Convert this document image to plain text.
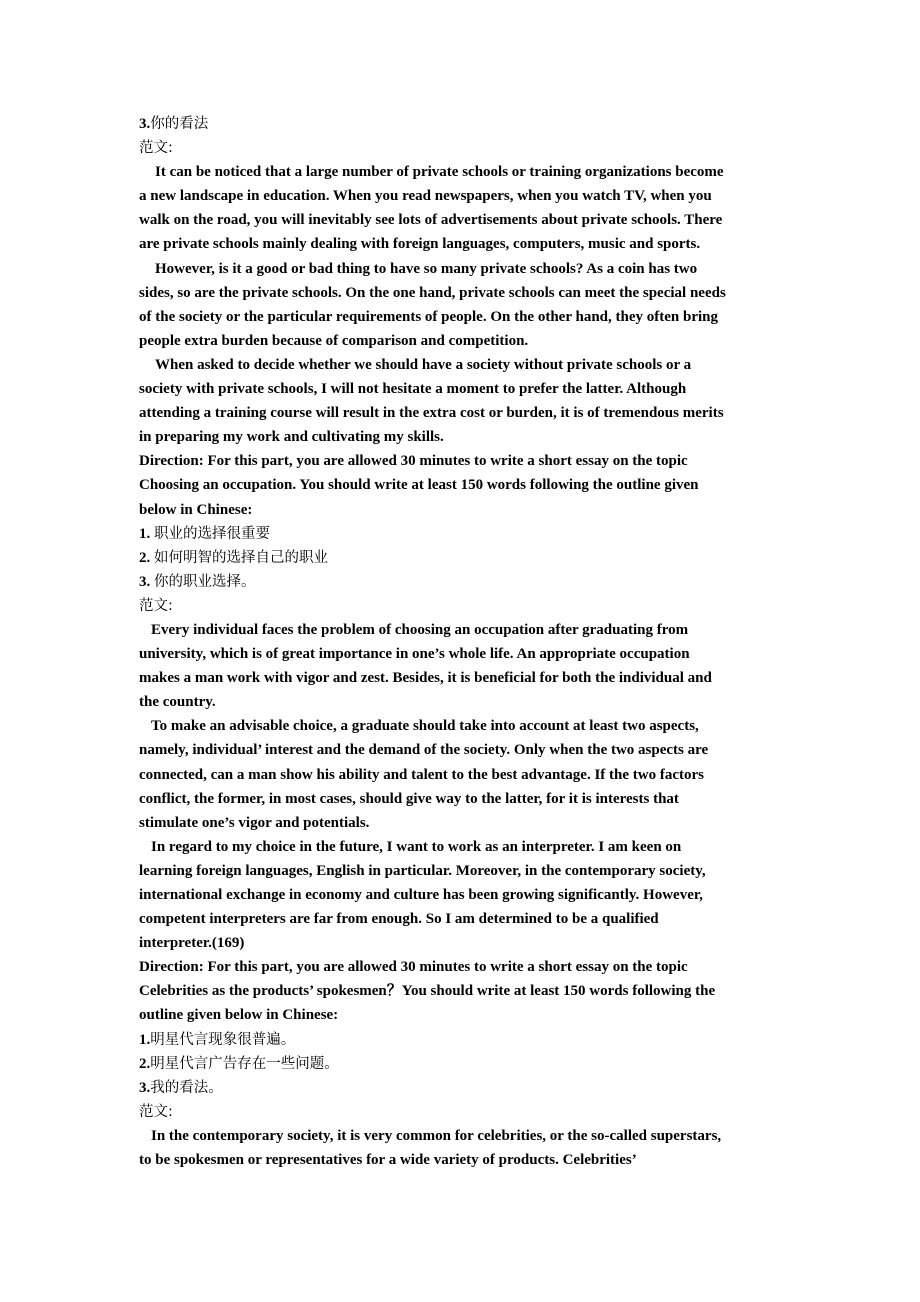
3.你的看法
范文:
It can be noticed that a large number of private schools or training organizations become
a new landscape in education. When you read newspapers, when you watch TV, when you
walk on the road, you will inevitably see lots of advertisements about private schools. There
are private schools mainly dealing with foreign languages, computers, music and sports.
However, is it a good or bad thing to have so many private schools? As a coin has two
sides, so are the private schools. On the one hand, private schools can meet the special needs
of the society or the particular requirements of people. On the other hand, they often bring
people extra burden because of comparison and competition.
When asked to decide whether we should have a society without private schools or a
society with private schools, I will not hesitate a moment to prefer the latter. Although
attending a training course will result in the extra cost or burden, it is of tremendous merits
in preparing my work and cultivating my skills.
Direction: For this part, you are allowed 30 minutes to write a short essay on the topic
Choosing an occupation. You should write at least 150 words following the outline given
below in Chinese:
1. 职业的选择很重要
2. 如何明智的选择自己的职业
3. 你的职业选择。
范文:
Every individual faces the problem of choosing an occupation after graduating from
university, which is of great importance in one’s whole life. An appropriate occupation
makes a man work with vigor and zest. Besides, it is beneficial for both the individual and
the country.
To make an advisable choice, a graduate should take into account at least two aspects,
namely, individual’ interest and the demand of the society. Only when the two aspects are
connected, can a man show his ability and talent to the best advantage. If the two factors
conflict, the former, in most cases, should give way to the latter, for it is interests that
stimulate one’s vigor and potentials.
In regard to my choice in the future, I want to work as an interpreter. I am keen on
learning foreign languages, English in particular. Moreover, in the contemporary society,
international exchange in economy and culture has been growing significantly. However,
competent interpreters are far from enough. So I am determined to be a qualified
interpreter.(169)
Direction: For this part, you are allowed 30 minutes to write a short essay on the topic
Celebrities as the products’ spokesmen？You should write at least 150 words following the
outline given below in Chinese:
1.明星代言现象很普遍。
2.明星代言广告存在一些问题。
3.我的看法。
范文:
In the contemporary society, it is very common for celebrities, or the so-called superstars,
to be spokesmen or representatives for a wide variety of products. Celebrities’
